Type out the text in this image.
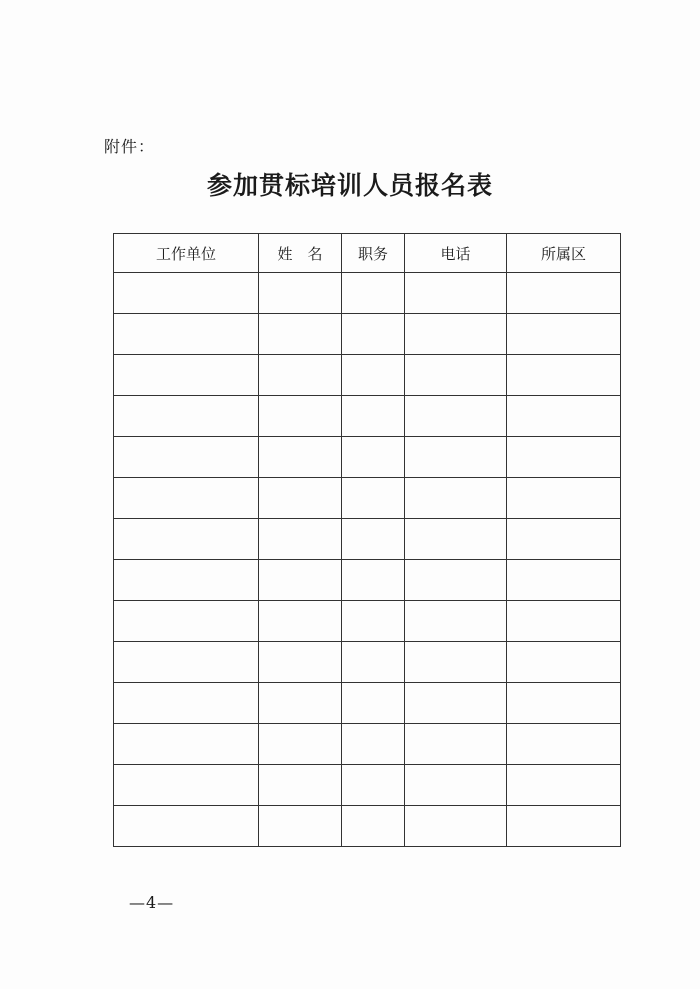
附件：
参加贯标培训人员报名表
工作单位	姓　名	职务	电话	所属区

—4—
